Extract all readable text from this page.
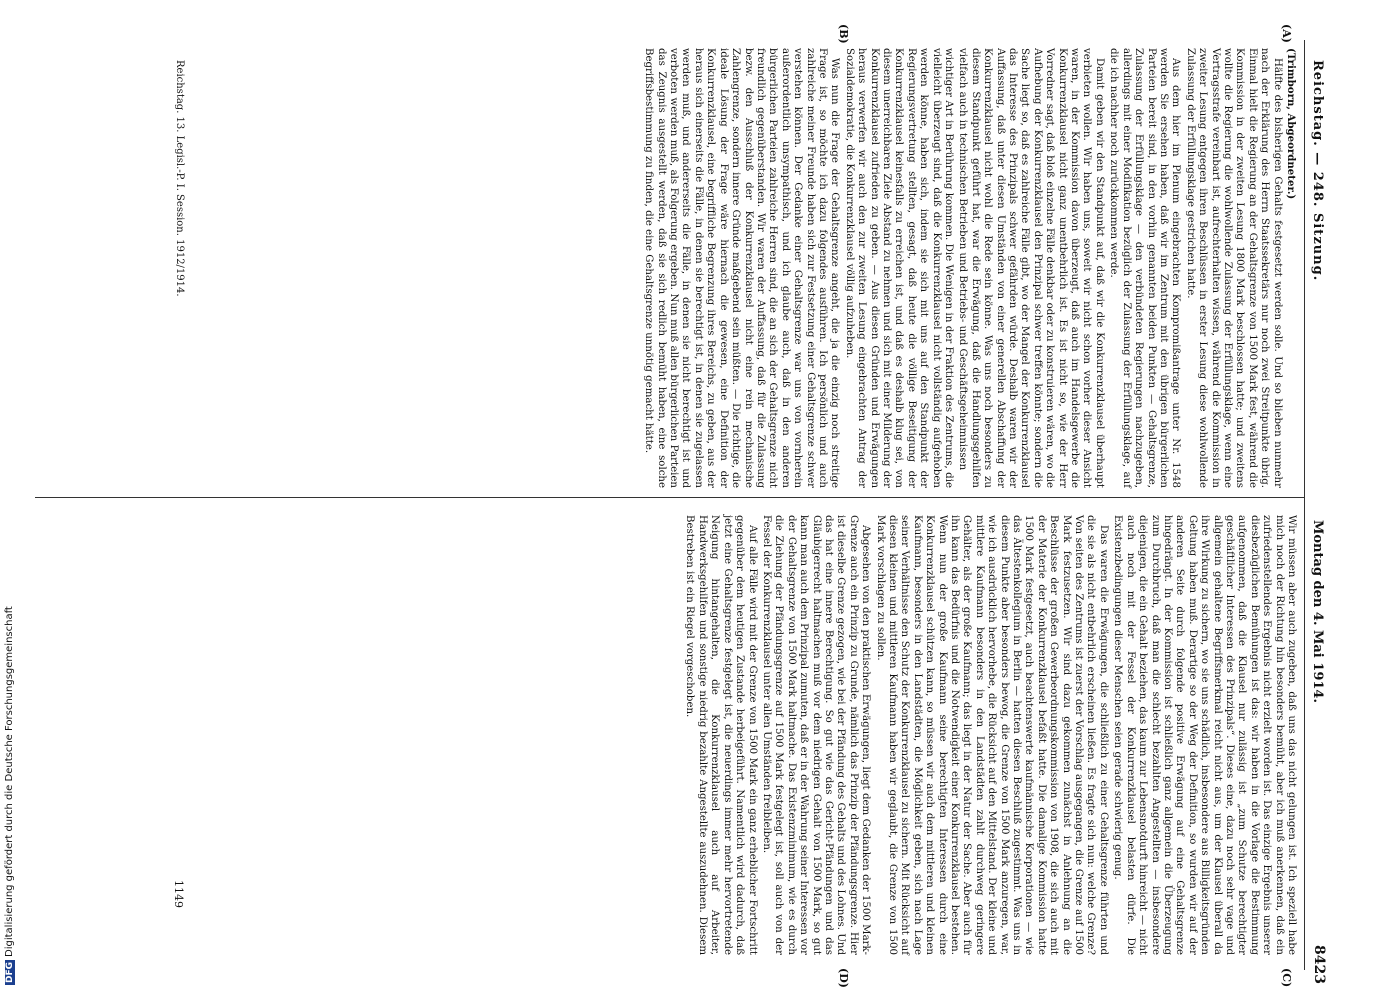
Reichstag. — 248. Sitzung.
Montag den 4. Mai 1914.
8423
(A)
(B)
(C)
(D)

(Trimborn, Abgeordneter.)

Hälfte des bisherigen Gehalts festgesetzt werden solle. Und so blieben nunmehr nach der Erklärung des Herrn Staatssekretärs nur noch zwei Streitpunkte übrig. Einmal hielt die Regierung an der Gehaltsgrenze von 1500 Mark fest, während die Kommission in der zweiten Lesung 1800 Mark beschlossen hatte; und zweitens wollte die Regierung die wohlwollende Zulassung der Erfüllungsklage, wenn eine Vertragsstrafe vereinbart ist, aufrechterhalten wissen, während die Kommission in zweiter Lesung entgegen ihren Beschlüssen in erster Lesung diese wohlwollende Zulassung der Erfüllungsklage gestrichen hatte.

Aus dem hier im Plenum eingebrachten Kompromißantrage unter Nr. 1548 werden Sie ersehen haben, daß wir im Zentrum mit den übrigen bürgerlichen Parteien bereit sind, in den vorhin genannten beiden Punkten — Gehaltsgrenze, Zulassung der Erfüllungsklage — den verbündeten Regierungen nachzugeben, allerdings mit einer Modifikation bezüglich der Zulassung der Erfüllungsklage, auf die ich nachher noch zurückkommen werde.

Damit geben wir den Standpunkt auf, daß wir die Konkurrenzklausel überhaupt verbieten wollen. Wir haben uns, soweit wir nicht schon vorher dieser Ansicht waren, in der Kommission davon überzeugt, daß auch im Handelsgewerbe die Konkurrenzklausel nicht ganz unentbehrlich ist. Es ist nicht so, wie der Herr Vorredner sagt, daß bloß einzelne Fälle denkbar oder zu konstruieren wären, wo die Aufhebung der Konkurrenzklausel den Prinzipal schwer treffen könnte; sondern die Sache liegt so, daß es zahlreiche Fälle gibt, wo der Mangel der Konkurrenzklausel das Interesse des Prinzipals schwer gefährden würde. Deshalb waren wir der Auffassung, daß unter diesen Umständen von einer generellen Abschaffung der Konkurrenzklausel nicht wohl die Rede sein könne. Was uns noch besonders zu diesem Standpunkt geführt hat, war die Erwägung, daß die Handlungsgehilfen vielfach auch in technischen Betrieben und Betriebs- und Geschäftsgeheimnissen

wichtiger Art in Berührung kommen. Die Wenigen in der Fraktion des Zentrums, die vielleicht überzeugt sind, daß die Konkurrenzklausel nicht vollständig aufgehoben werden könne, haben sich, indem sie sich mit uns auf den Standpunkt der Regierungsvertretung stellten, gesagt, daß heute die völlige Beseitigung der Konkurrenzklausel keinesfalls zu erreichen ist, und daß es deshalb klug sei, von diesem unerreichbaren Ziele Abstand zu nehmen und sich mit einer Milderung der Konkurrenzklausel zufrieden zu geben. — Aus diesen Gründen und Erwägungen heraus verwerfen wir auch den zur zweiten Lesung eingebrachten Antrag der Sozialdemokratie, die Konkurrenzklausel völlig aufzuheben.

Was nun die Frage der Gehaltsgrenze angeht, die ja die einzig noch streitige Frage ist, so möchte ich dazu folgendes ausführen. Ich persönlich und auch zahlreiche meiner Freunde haben sich zur Festsetzung einer Gehaltsgrenze schwer verstehen können. Der Gedanke einer Gehaltsgrenze war uns von vornherein außerordentlich unsympathisch, und ich glaube auch, daß in den anderen bürgerlichen Parteien zahlreiche Herren sind, die an sich der Gehaltsgrenze nicht freundlich gegenüberstanden. Wir waren der Auffassung, daß für die Zulassung bezw. den Ausschluß der Konkurrenzklausel nicht eine rein mechanische Zahlengrenze, sondern innere Gründe maßgebend sein müßten. — Die richtige, die ideale Lösung der Frage wäre hiernach die gewesen, eine Definition der Konkurrenzklausel, eine begriffliche Begrenzung ihres Bereichs, zu geben, aus der heraus sich einerseits die Fälle, in denen sie berechtigt ist, in denen sie zugelassen werden muß, und andererseits die Fälle, in denen sie nicht berechtigt ist und verboten werden muß, als Folgerung ergeben. Nun muß allen bürgerlichen Parteien das Zeugnis ausgestellt werden, daß sie sich redlich bemüht haben, eine solche Begriffsbestimmung zu finden, die eine Gehaltsgrenze unnötig gemacht hätte.

Wir müssen aber auch zugeben, daß uns das nicht gelungen ist. Ich speziell habe mich noch der Richtung hin besonders bemüht, aber ich muß anerkennen, daß ein zufriedenstellendes Ergebnis nicht erzielt worden ist. Das einzige Ergebnis unserer diesbezüglichen Bemühungen ist das: wir haben in die Vorlage die Bestimmung aufgenommen, daß die Klausel nur zulässig ist „zum Schutze berechtigter geschäftlicher Interessen des Prinzipals“. Dieses eine, dazu noch sehr vage und allgemein gehaltene Begriffsmerkmal reicht nicht aus, um der Klausel überall da ihre Wirkung zu sichern, wo sie uns schädlich, insbesondere aus Billigkeitsgründen Geltung haben muß. Derartige so der Weg der Definition, so wurden wir auf der anderen Seite durch folgende positive Erwägung auf eine Gehaltsgrenze hingedrängt. In der Kommission ist schließlich ganz allgemein die Überzeugung zum Durchbruch, daß man die schlecht bezahlten Angestellten — insbesondere diejenigen, die ein Gehalt beziehen, das kaum zur Lebensnotdurft hinreicht — nicht auch noch mit der Fessel der Konkurrenzklausel belasten dürfe. Die Existenzbedingungen dieser Menschen seien gerade schwierig genug.

Das waren die Erwägungen, die schließlich zu einer Gehaltsgrenze führten und die sie als nicht entbehrlich erscheinen ließen. Es fragte sich nun: welche Grenze? Von seiten des Zentrums ist zuerst der Vorschlag ausgegangen, die Grenze auf 1500 Mark festzusetzen. Wir sind dazu gekommen zunächst in Anlehnung an die Beschlüsse der großen Gewerbeordnungskommission von 1908, die sich auch mit der Materie der Konkurrenzklausel befaßt hatte. Die damalige Kommission hatte 1500 Mark festgesetzt, auch beachtenswerte kaufmännische Korporationen — wie das Ältestenkollegium in Berlin — hatten diesen Beschluß zugestimmt. Was uns in diesem Punkte aber besonders bewog, die Grenze von 1500 Mark anzuregen, war, wie ich ausdrücklich hervorhebe, die Rücksicht auf den Mittelstand. Der kleine und mittlere Kaufmann besonders in den Landstädten zahlt durchweg geringere Gehälter, als der große Kaufmann; das liegt in der Natur der Sache. Aber auch für ihn kann das Bedürfnis und die Notwendigkeit einer Konkurrenzklausel bestehen. Wenn nun der große Kaufmann seine berechtigten Interessen durch eine Konkurrenzklausel schützen kann, so müssen wir auch dem mittleren und kleinen Kaufmann, besonders in den Landstädten, die Möglichkeit geben, sich nach Lage seiner Verhältnisse den Schutz der Konkurrenzklausel zu sichern. Mit Rücksicht auf diesen kleinen und mittleren Kaufmann haben wir geglaubt, die Grenze von 1500 Mark vorschlagen zu sollen.

Abgesehen von den praktischen Erwägungen, liegt dem Gedanken der 1500 Mark-Grenze auch ein Prinzip zu Grunde, nämlich das Prinzip der Pfändungsgrenze. Hier ist dieselbe Grenze gezogen, wie bei der Pfändung des Gehalts und des Lohnes. Und das hat eine innere Berechtigung. So gut wie das Gericht-Pfändungen und das Gläubigerrecht haltmachen muß vor dem niedrigen Gehalt von 1500 Mark, so gut kann man auch dem Prinzipal zumuten, daß er in der Wahrung seiner Interessen vor der Gehaltsgrenze von 1500 Mark haltmache. Das Existenzminimum, wie es durch die Ziehung der Pfändungsgrenze auf 1500 Mark festgelegt ist, soll auch von der Fessel der Konkurrenzklausel unter allen Umständen freibleiben.

Auf alle Fälle wird mit der Grenze von 1500 Mark ein ganz erheblicher Fortschritt gegenüber dem heutigen Zustande herbeigeführt. Namentlich wird dadurch, daß jetzt eine Gehaltsgrenze festgelegt ist, die neuerdings immer mehr hervortretende Neigung hintangehalten, die Konkurrenzklausel auch auf Arbeiter, Handwerksgehilfen und sonstige niedrig bezahlte Angestellte auszudehnen. Diesem Bestreben ist ein Riegel vorgeschoben.

Reichstag. 13. Legisl.-P. I. Session. 1912/1914.
1149
DFGDigitalisierung gefördert durch die Deutsche Forschungsgemeinschaft
